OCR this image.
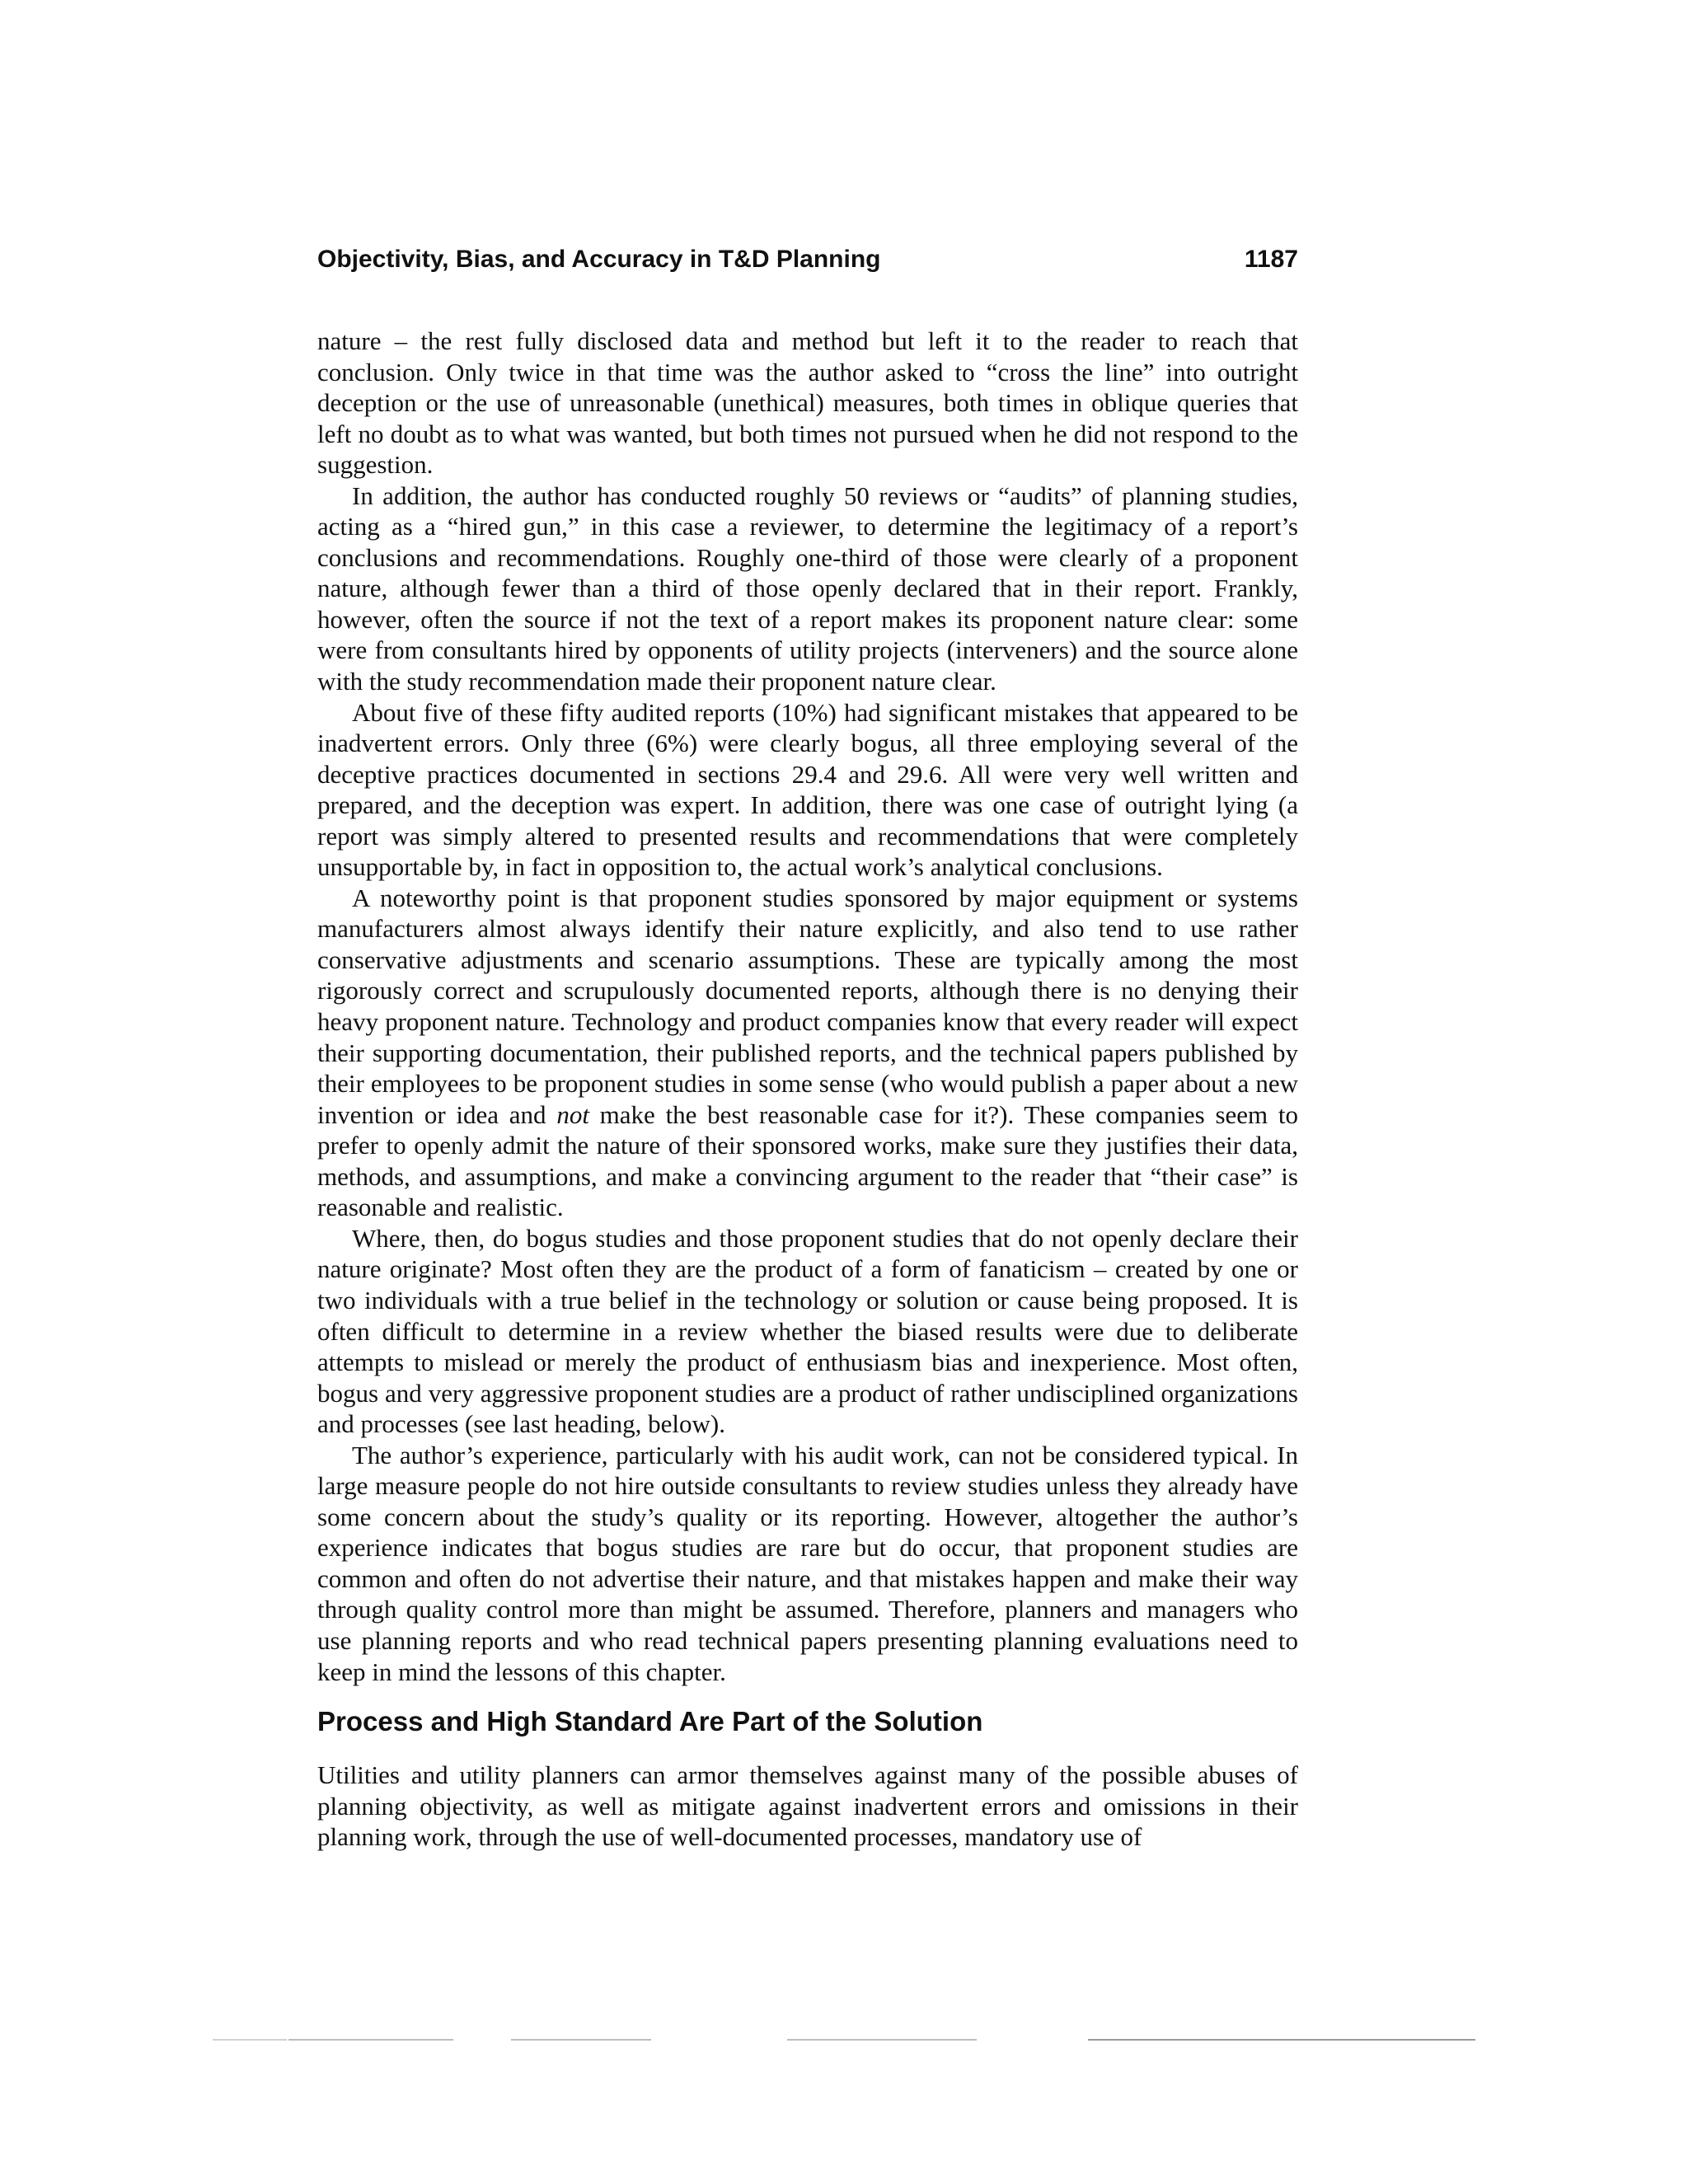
Objectivity, Bias, and Accuracy in T&D Planning	1187

nature – the rest fully disclosed data and method but left it to the reader to reach that conclusion. Only twice in that time was the author asked to “cross the line” into outright deception or the use of unreasonable (unethical) measures, both times in oblique queries that left no doubt as to what was wanted, but both times not pursued when he did not respond to the suggestion.

In addition, the author has conducted roughly 50 reviews or “audits” of planning studies, acting as a “hired gun,” in this case a reviewer, to determine the legitimacy of a report’s conclusions and recommendations. Roughly one-third of those were clearly of a proponent nature, although fewer than a third of those openly declared that in their report. Frankly, however, often the source if not the text of a report makes its proponent nature clear: some were from consultants hired by opponents of utility projects (interveners) and the source alone with the study recommendation made their proponent nature clear.

About five of these fifty audited reports (10%) had significant mistakes that appeared to be inadvertent errors. Only three (6%) were clearly bogus, all three employing several of the deceptive practices documented in sections 29.4 and 29.6. All were very well written and prepared, and the deception was expert. In addition, there was one case of outright lying (a report was simply altered to presented results and recommendations that were completely unsupportable by, in fact in opposition to, the actual work’s analytical conclusions.

A noteworthy point is that proponent studies sponsored by major equipment or systems manufacturers almost always identify their nature explicitly, and also tend to use rather conservative adjustments and scenario assumptions. These are typically among the most rigorously correct and scrupulously documented reports, although there is no denying their heavy proponent nature. Technology and product companies know that every reader will expect their supporting documentation, their published reports, and the technical papers published by their employees to be proponent studies in some sense (who would publish a paper about a new invention or idea and not make the best reasonable case for it?). These companies seem to prefer to openly admit the nature of their sponsored works, make sure they justifies their data, methods, and assumptions, and make a convincing argument to the reader that “their case” is reasonable and realistic.

Where, then, do bogus studies and those proponent studies that do not openly declare their nature originate? Most often they are the product of a form of fanaticism – created by one or two individuals with a true belief in the technology or solution or cause being proposed. It is often difficult to determine in a review whether the biased results were due to deliberate attempts to mislead or merely the product of enthusiasm bias and inexperience. Most often, bogus and very aggressive proponent studies are a product of rather undisciplined organizations and processes (see last heading, below).

The author’s experience, particularly with his audit work, can not be considered typical. In large measure people do not hire outside consultants to review studies unless they already have some concern about the study’s quality or its reporting. However, altogether the author’s experience indicates that bogus studies are rare but do occur, that proponent studies are common and often do not advertise their nature, and that mistakes happen and make their way through quality control more than might be assumed. Therefore, planners and managers who use planning reports and who read technical papers presenting planning evaluations need to keep in mind the lessons of this chapter.

Process and High Standard Are Part of the Solution

Utilities and utility planners can armor themselves against many of the possible abuses of planning objectivity, as well as mitigate against inadvertent errors and omissions in their planning work, through the use of well-documented processes, mandatory use of
